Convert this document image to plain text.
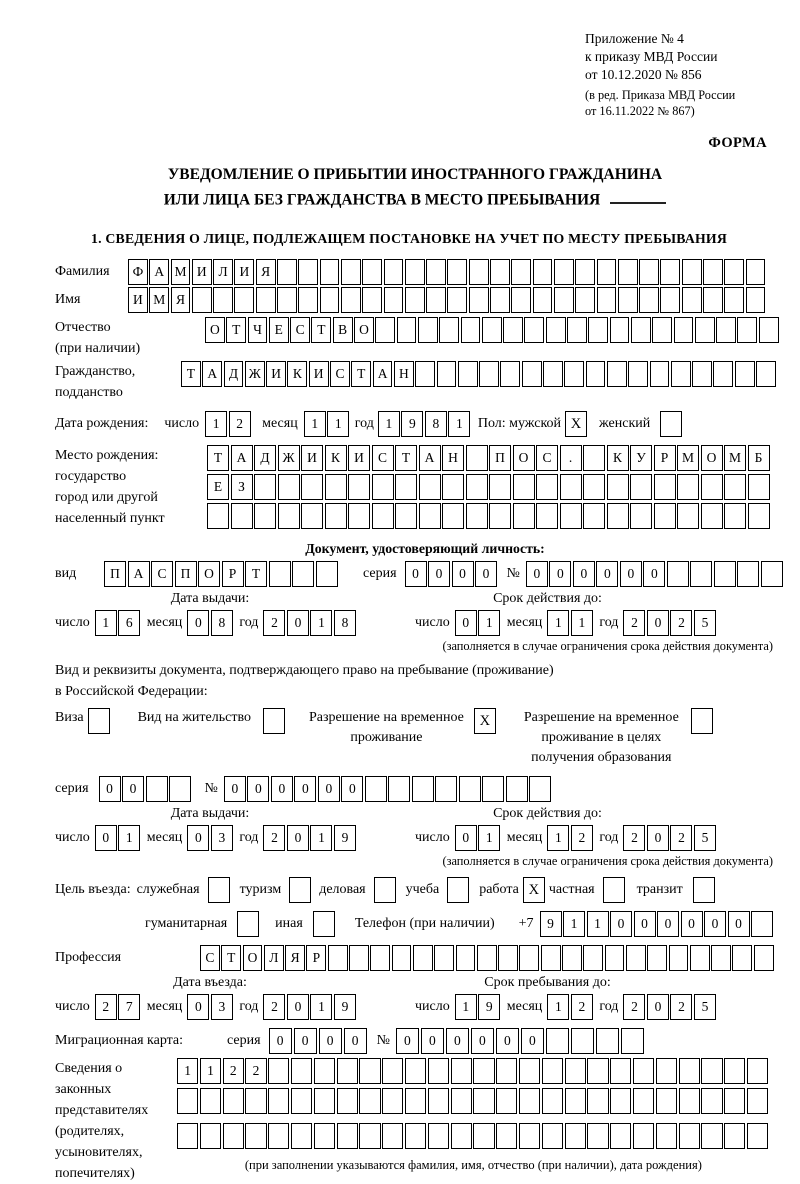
Приложение № 4
к приказу МВД России
от 10.12.2020 № 856
(в ред. Приказа МВД России
от 16.11.2022 № 867)
ФОРМА
УВЕДОМЛЕНИЕ О ПРИБЫТИИ ИНОСТРАННОГО ГРАЖДАНИНА
ИЛИ ЛИЦА БЕЗ ГРАЖДАНСТВА В МЕСТО ПРЕБЫВАНИЯ
1. СВЕДЕНИЯ О ЛИЦЕ, ПОДЛЕЖАЩЕМ ПОСТАНОВКЕ НА УЧЕТ ПО МЕСТУ ПРЕБЫВАНИЯ
Фамилия	Ф А М И Л И Я
Имя	И М Я
Отчество
(при наличии)
О Т Ч Е С Т В О
Гражданство,
подданство
Т А Д Ж И К И С Т А Н
Дата рождения: число	1	2	месяц	1	1 год 1	9	8	1	Пол: мужской X	женский
Место рождения:
государство
город или другой
населенный пункт
Т	А	Д Ж И	К	И	С	Т	А	Н	П	О	С	.	К	У	Р	М О М	Б
Е	З
Документ, удостоверяющий личность:
вид	П	А	С	П	О	Р	Т	серия	0	0	0	0	№	0	0	0	0	0	0
Дата выдачи:
число 1	6	месяц 0	8	год 2	0	1	8
Срок действия до:
число 0	1	месяц 1	1	год 2	0	2	5
(заполняется в случае ограничения срока действия документа)
Вид и реквизиты документа, подтверждающего право на пребывание (проживание)
в Российской Федерации:
Виза	Вид на жительство	Разрешение на временное
проживание
X	Разрешение на временное
проживание в целях
получения образования
серия	0	0	№	0	0	0	0	0	0
Дата выдачи:
число 0	1	месяц 0	3	год 2	0	1	9
Срок действия до:
число 0	1	месяц 1	2	год 2	0	2	5
(заполняется в случае ограничения срока действия документа)
Цель въезда: служебная	туризм	деловая	учеба	работа X частная	транзит
гуманитарная	иная	Телефон (при наличии) +7	9	1	1	0	0	0	0	0	0
Профессия	С Т О Л Я Р
Дата въезда:
число 2	7	месяц 0	3	год 2	0	1	9
Срок пребывания до:
число 1	9	месяц 1	2	год 2	0	2	5
Миграционная карта:	серия	0	0	0	0	№	0	0	0	0	0	0
Сведения о
законных
представителях
(родителях,
усыновителях,
попечителях)
1	1	2	2
(при заполнении указываются фамилия, имя, отчество (при наличии), дата рождения)
